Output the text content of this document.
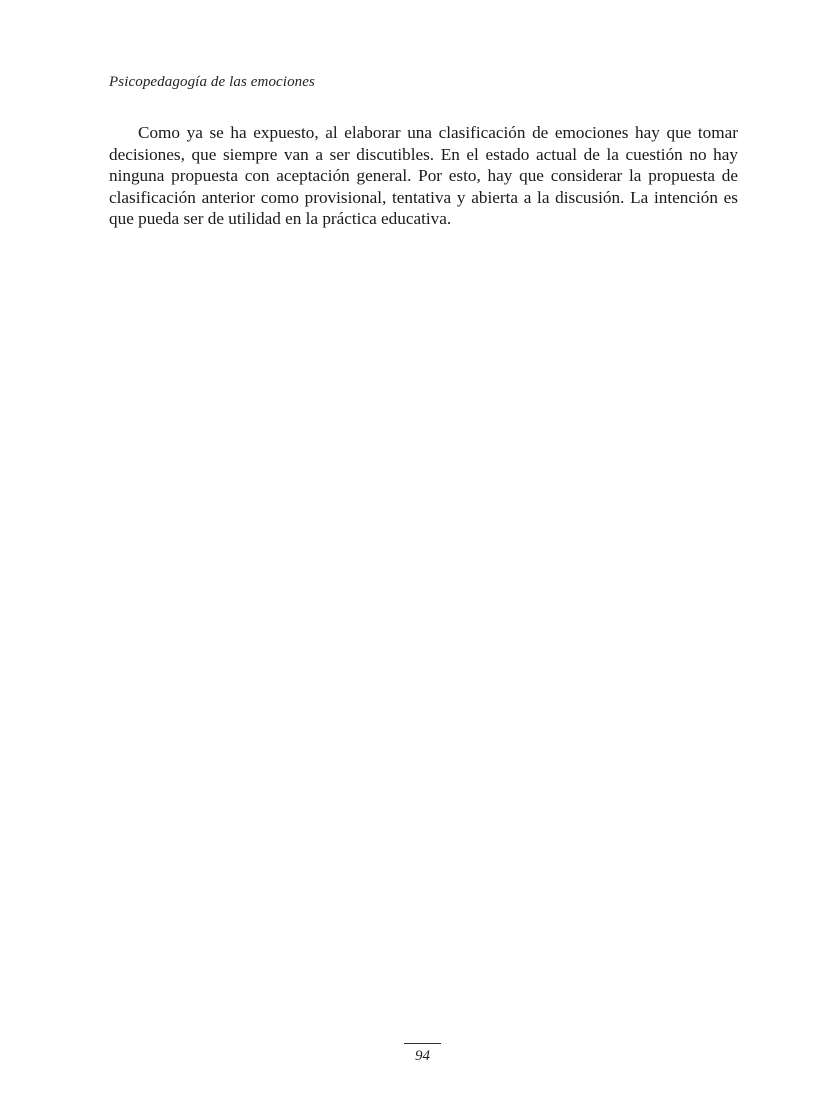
Psicopedagogía de las emociones

Como ya se ha expuesto, al elaborar una clasificación de emociones hay que tomar decisiones, que siempre van a ser discutibles. En el estado actual de la cuestión no hay ninguna propuesta con aceptación general. Por esto, hay que considerar la propuesta de clasificación anterior como provisional, tentativa y abierta a la discusión. La intención es que pueda ser de utilidad en la práctica educativa.

94
